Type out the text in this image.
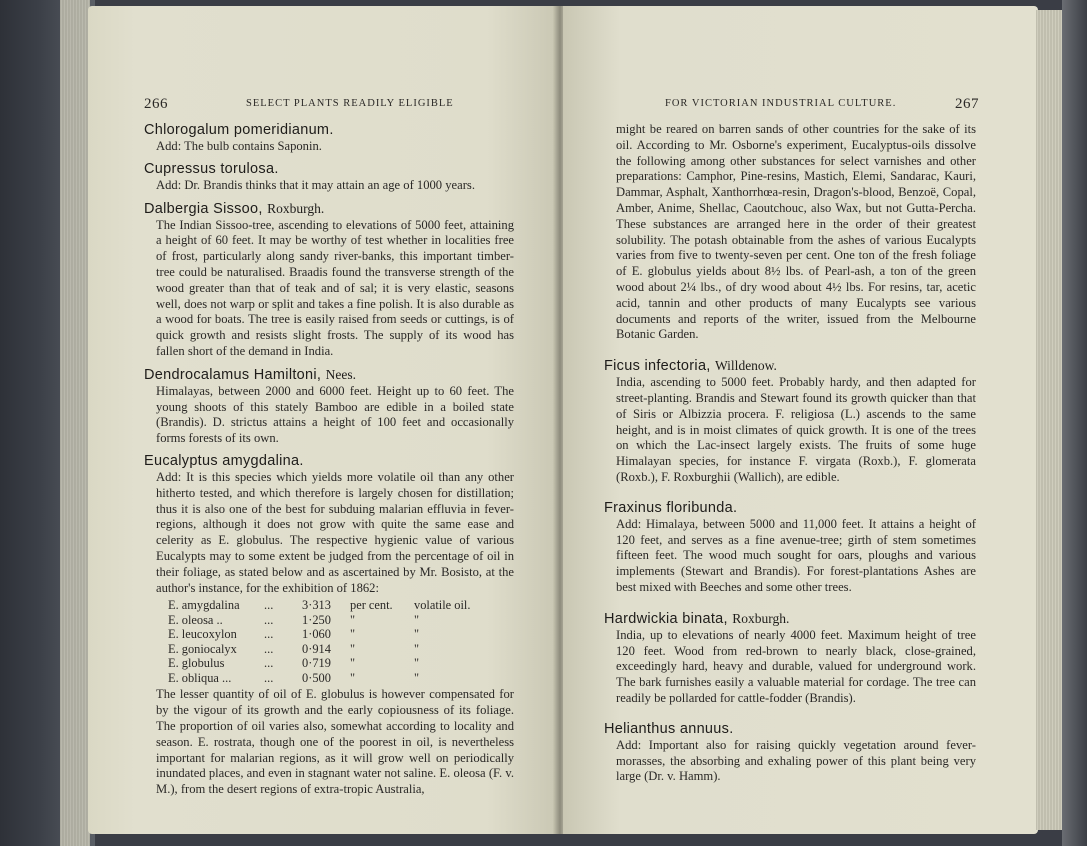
266	SELECT PLANTS READILY ELIGIBLE
Chlorogalum pomeridianum.
Add: The bulb contains Saponin.
Cupressus torulosa.
Add: Dr. Brandis thinks that it may attain an age of 1000 years.
Dalbergia Sissoo, Roxburgh.
The Indian Sissoo-tree, ascending to elevations of 5000 feet, attaining a height of 60 feet. It may be worthy of test whether in localities free of frost, particularly along sandy river-banks, this important timber-tree could be naturalised. Braadis found the transverse strength of the wood greater than that of teak and of sal; it is very elastic, seasons well, does not warp or split and takes a fine polish. It is also durable as a wood for boats. The tree is easily raised from seeds or cuttings, is of quick growth and resists slight frosts. The supply of its wood has fallen short of the demand in India.
Dendrocalamus Hamiltoni, Nees.
Himalayas, between 2000 and 6000 feet. Height up to 60 feet. The young shoots of this stately Bamboo are edible in a boiled state (Brandis). D. strictus attains a height of 100 feet and occasionally forms forests of its own.
Eucalyptus amygdalina.
Add: It is this species which yields more volatile oil than any other hitherto tested, and which therefore is largely chosen for distillation; thus it is also one of the best for subduing malarian effluvia in fever-regions, although it does not grow with quite the same ease and celerity as E. globulus. The respective hygienic value of various Eucalypts may to some extent be judged from the percentage of oil in their foliage, as stated below and as ascertained by Mr. Bosisto, at the author's instance, for the exhibition of 1862:
E. amygdalina	...	3·313	per cent.	volatile oil.
E. oleosa ..	...	1·250	"	"
E. leucoxylon	...	1·060	"	"
E. goniocalyx	...	0·914	"	"
E. globulus	...	0·719	"	"
E. obliqua ...	...	0·500	"	"
The lesser quantity of oil of E. globulus is however compensated for by the vigour of its growth and the early copiousness of its foliage. The proportion of oil varies also, somewhat according to locality and season. E. rostrata, though one of the poorest in oil, is nevertheless important for malarian regions, as it will grow well on periodically inundated places, and even in stagnant water not saline. E. oleosa (F. v. M.), from the desert regions of extra-tropic Australia,
FOR VICTORIAN INDUSTRIAL CULTURE.	267
might be reared on barren sands of other countries for the sake of its oil. According to Mr. Osborne's experiment, Eucalyptus-oils dissolve the following among other substances for select varnishes and other preparations: Camphor, Pine-resins, Mastich, Elemi, Sandarac, Kauri, Dammar, Asphalt, Xanthorrhœa-resin, Dragon's-blood, Benzoë, Copal, Amber, Anime, Shellac, Caoutchouc, also Wax, but not Gutta-Percha. These substances are arranged here in the order of their greatest solubility. The potash obtainable from the ashes of various Eucalypts varies from five to twenty-seven per cent. One ton of the fresh foliage of E. globulus yields about 8½ lbs. of Pearl-ash, a ton of the green wood about 2¼ lbs., of dry wood about 4½ lbs. For resins, tar, acetic acid, tannin and other products of many Eucalypts see various documents and reports of the writer, issued from the Melbourne Botanic Garden.
Ficus infectoria, Willdenow.
India, ascending to 5000 feet. Probably hardy, and then adapted for street-planting. Brandis and Stewart found its growth quicker than that of Siris or Albizzia procera. F. religiosa (L.) ascends to the same height, and is in moist climates of quick growth. It is one of the trees on which the Lac-insect largely exists. The fruits of some huge Himalayan species, for instance F. virgata (Roxb.), F. glomerata (Roxb.), F. Roxburghii (Wallich), are edible.
Fraxinus floribunda.
Add: Himalaya, between 5000 and 11,000 feet. It attains a height of 120 feet, and serves as a fine avenue-tree; girth of stem sometimes fifteen feet. The wood much sought for oars, ploughs and various implements (Stewart and Brandis). For forest-plantations Ashes are best mixed with Beeches and some other trees.
Hardwickia binata, Roxburgh.
India, up to elevations of nearly 4000 feet. Maximum height of tree 120 feet. Wood from red-brown to nearly black, close-grained, exceedingly hard, heavy and durable, valued for underground work. The bark furnishes easily a valuable material for cordage. The tree can readily be pollarded for cattle-fodder (Brandis).
Helianthus annuus.
Add: Important also for raising quickly vegetation around fever-morasses, the absorbing and exhaling power of this plant being very large (Dr. v. Hamm).
